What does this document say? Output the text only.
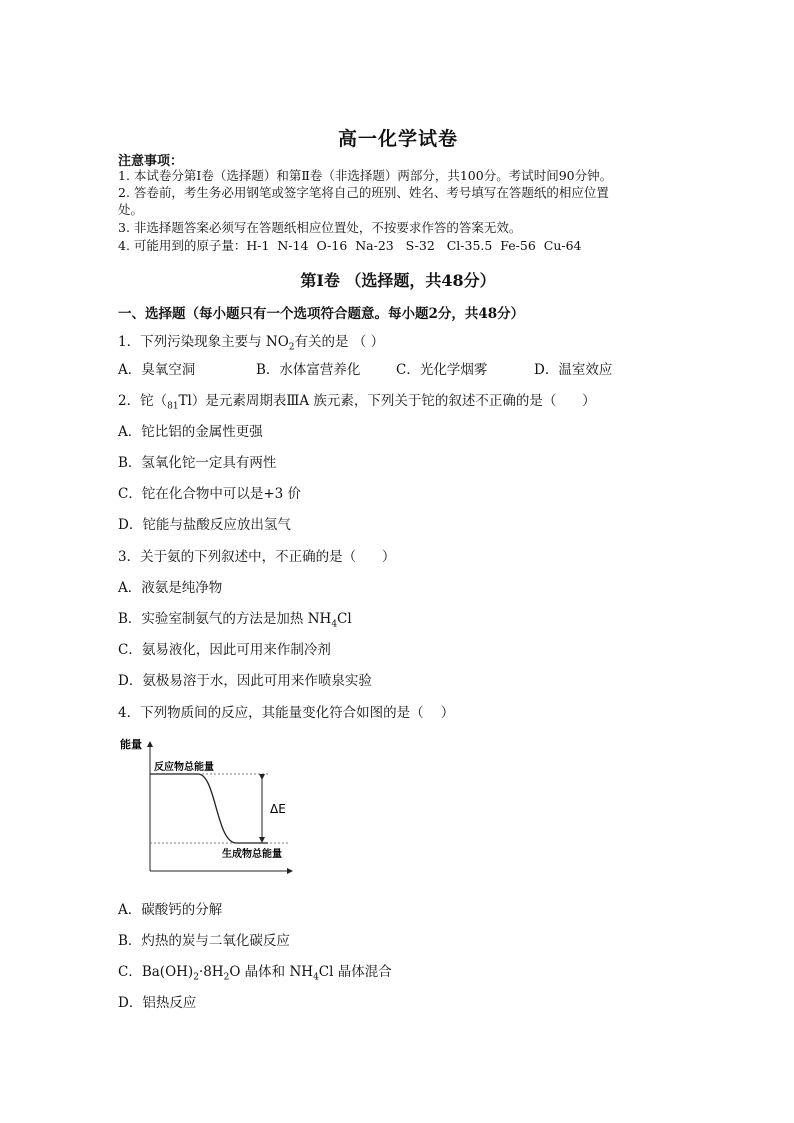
高一化学试卷
注意事项：
1. 本试卷分第Ⅰ卷（选择题）和第Ⅱ卷（非选择题）两部分，共100分。考试时间90分钟。
2. 答卷前，考生务必用钢笔或签字笔将自己的班别、姓名、考号填写在答题纸的相应位置
处。
3. 非选择题答案必须写在答题纸相应位置处，不按要求作答的答案无效。
4. 可能用到的原子量：H-1  N-14  O-16  Na-23   S-32   Cl-35.5  Fe-56  Cu-64
第Ⅰ卷 （选择题，共48分）
一、选择题（每小题只有一个选项符合题意。每小题2分，共48分）
1．下列污染现象主要与 $NO_2$有关的是 （ ）
A．臭氧空洞	B．水体富营养化	C．光化学烟雾	D．温室效应
2．铊$(_{81}Tl)$是元素周期表ⅢA 族元素，下列关于铊的叙述不正确的是（      ）
A．铊比铝的金属性更强
B．氢氧化铊一定具有两性
C．铊在化合物中可以是+3 价
D．铊能与盐酸反应放出氢气
3．关于氨的下列叙述中，不正确的是（      ）
A．液氨是纯净物
B．实验室制氨气的方法是加热 $NH_4Cl$
C．氨易液化，因此可用来作制冷剂
D．氨极易溶于水，因此可用来作喷泉实验
4．下列物质间的反应，其能量变化符合如图的是（    ）
能量
反应物总能量
生成物总能量
ΔE
A．碳酸钙的分解
B．灼热的炭与二氧化碳反应
C．$Ba(OH)_2\cdot 8H_2O$ 晶体和 $NH_4Cl$ 晶体混合
D．铝热反应
